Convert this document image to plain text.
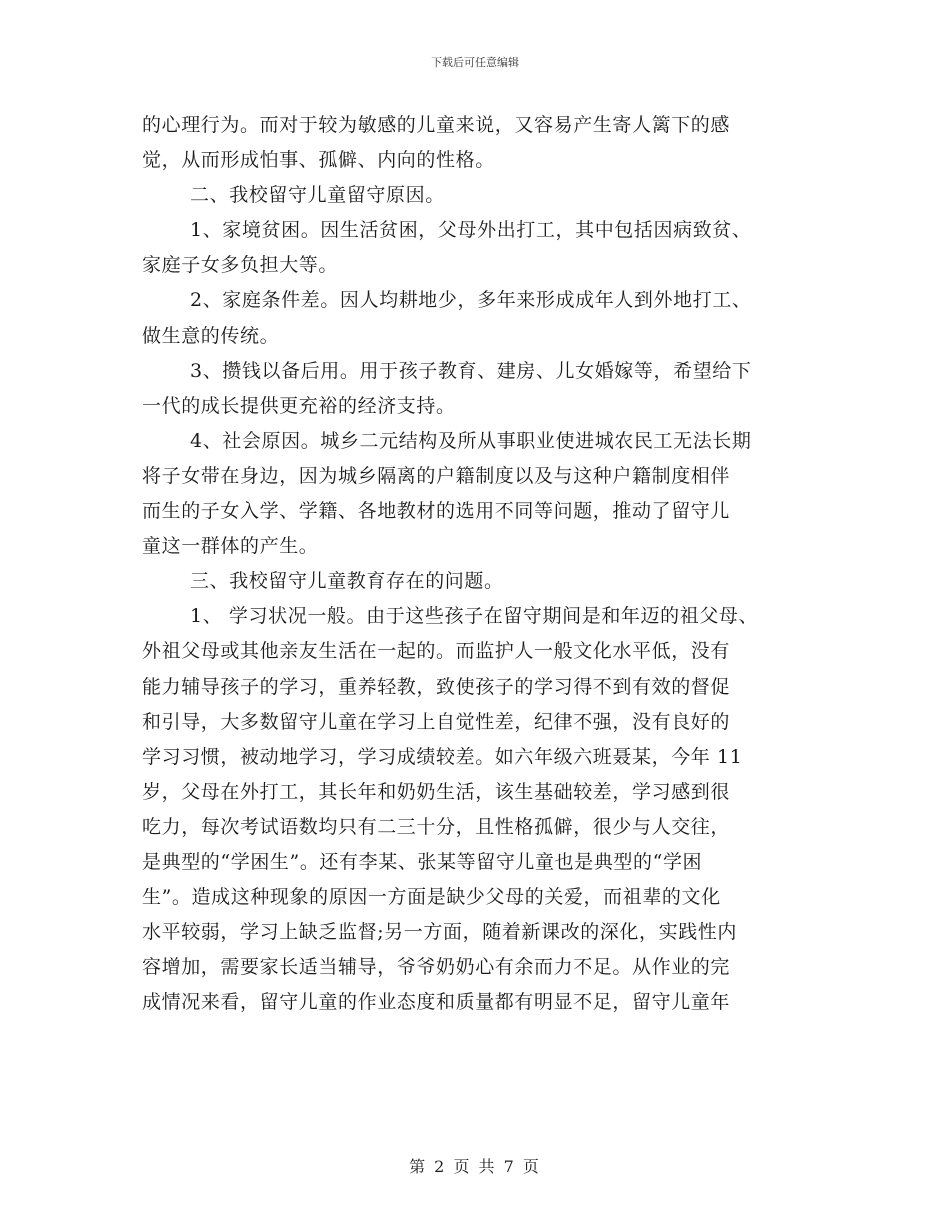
下载后可任意编辑
的心理行为。而对于较为敏感的儿童来说，又容易产生寄人篱下的感
觉，从而形成怕事、孤僻、内向的性格。
二、我校留守儿童留守原因。
1、家境贫困。因生活贫困，父母外出打工，其中包括因病致贫、
家庭子女多负担大等。
2、家庭条件差。因人均耕地少，多年来形成成年人到外地打工、
做生意的传统。
3、攒钱以备后用。用于孩子教育、建房、儿女婚嫁等，希望给下
一代的成长提供更充裕的经济支持。
4、社会原因。城乡二元结构及所从事职业使进城农民工无法长期
将子女带在身边，因为城乡隔离的户籍制度以及与这种户籍制度相伴
而生的子女入学、学籍、各地教材的选用不同等问题，推动了留守儿
童这一群体的产生。
三、我校留守儿童教育存在的问题。
1、 学习状况一般。由于这些孩子在留守期间是和年迈的祖父母、
外祖父母或其他亲友生活在一起的。而监护人一般文化水平低，没有
能力辅导孩子的学习，重养轻教，致使孩子的学习得不到有效的督促
和引导，大多数留守儿童在学习上自觉性差，纪律不强，没有良好的
学习习惯，被动地学习，学习成绩较差。如六年级六班聂某，今年 11
岁，父母在外打工，其长年和奶奶生活，该生基础较差，学习感到很
吃力，每次考试语数均只有二三十分，且性格孤僻，很少与人交往，
是典型的“学困生”。还有李某、张某等留守儿童也是典型的“学困
生”。造成这种现象的原因一方面是缺少父母的关爱，而祖辈的文化
水平较弱，学习上缺乏监督;另一方面，随着新课改的深化，实践性内
容增加，需要家长适当辅导，爷爷奶奶心有余而力不足。从作业的完
成情况来看，留守儿童的作业态度和质量都有明显不足，留守儿童年
第 2 页 共 7 页
